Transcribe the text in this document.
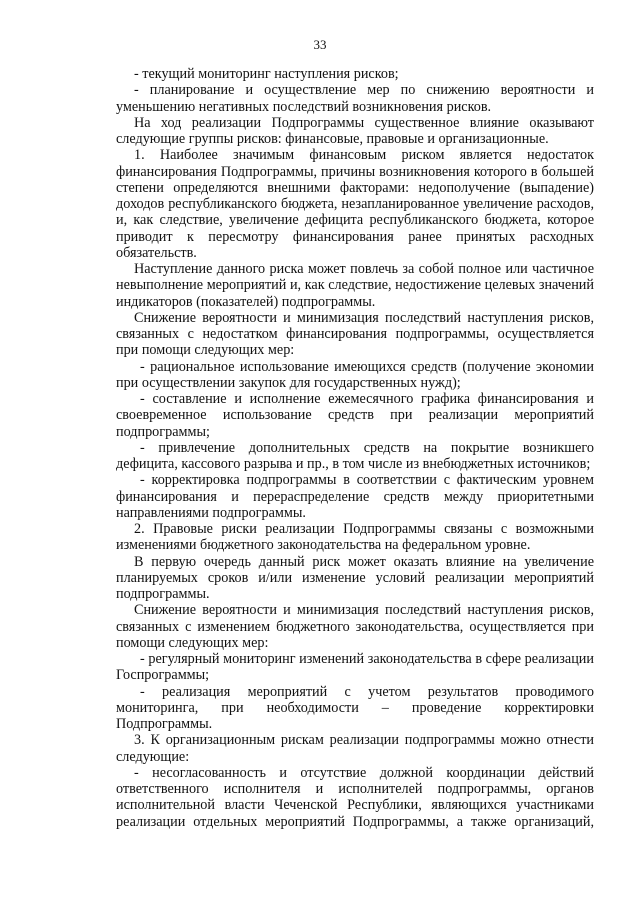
33

- текущий мониторинг наступления рисков;

- планирование и осуществление мер по снижению вероятности и уменьшению негативных последствий возникновения рисков.

На ход реализации Подпрограммы существенное влияние оказывают следующие группы рисков: финансовые, правовые и организационные.

1. Наиболее значимым финансовым риском является недостаток финансирования Подпрограммы, причины возникновения которого в большей степени определяются внешними факторами: недополучение (выпадение) доходов республиканского бюджета, незапланированное увеличение расходов, и, как следствие, увеличение дефицита республиканского бюджета, которое приводит к пересмотру финансирования ранее принятых расходных обязательств.

Наступление данного риска может повлечь за собой полное или частичное невыполнение мероприятий и, как следствие, недостижение целевых значений индикаторов (показателей) подпрограммы.

Снижение вероятности и минимизация последствий наступления рисков, связанных с недостатком финансирования подпрограммы, осуществляется при помощи следующих мер:

- рациональное использование имеющихся средств (получение экономии при осуществлении закупок для государственных нужд);

- составление и исполнение ежемесячного графика финансирования и своевременное использование средств при реализации мероприятий подпрограммы;

- привлечение дополнительных средств на покрытие возникшего дефицита, кассового разрыва и пр., в том числе из внебюджетных источников;

- корректировка подпрограммы в соответствии с фактическим уровнем финансирования и перераспределение средств между приоритетными направлениями подпрограммы.

2. Правовые риски реализации Подпрограммы связаны с возможными изменениями бюджетного законодательства на федеральном уровне.

В первую очередь данный риск может оказать влияние на увеличение планируемых сроков и/или изменение условий реализации мероприятий подпрограммы.

Снижение вероятности и минимизация последствий наступления рисков, связанных с изменением бюджетного законодательства, осуществляется при помощи следующих мер:

- регулярный мониторинг изменений законодательства в сфере реализации Госпрограммы;

- реализация мероприятий с учетом результатов проводимого мониторинга, при необходимости – проведение корректировки Подпрограммы.

3. К организационным рискам реализации подпрограммы можно отнести следующие:

- несогласованность и отсутствие должной координации действий ответственного исполнителя и исполнителей подпрограммы, органов исполнительной власти Чеченской Республики, являющихся участниками реализации отдельных мероприятий Подпрограммы, а также организаций,
